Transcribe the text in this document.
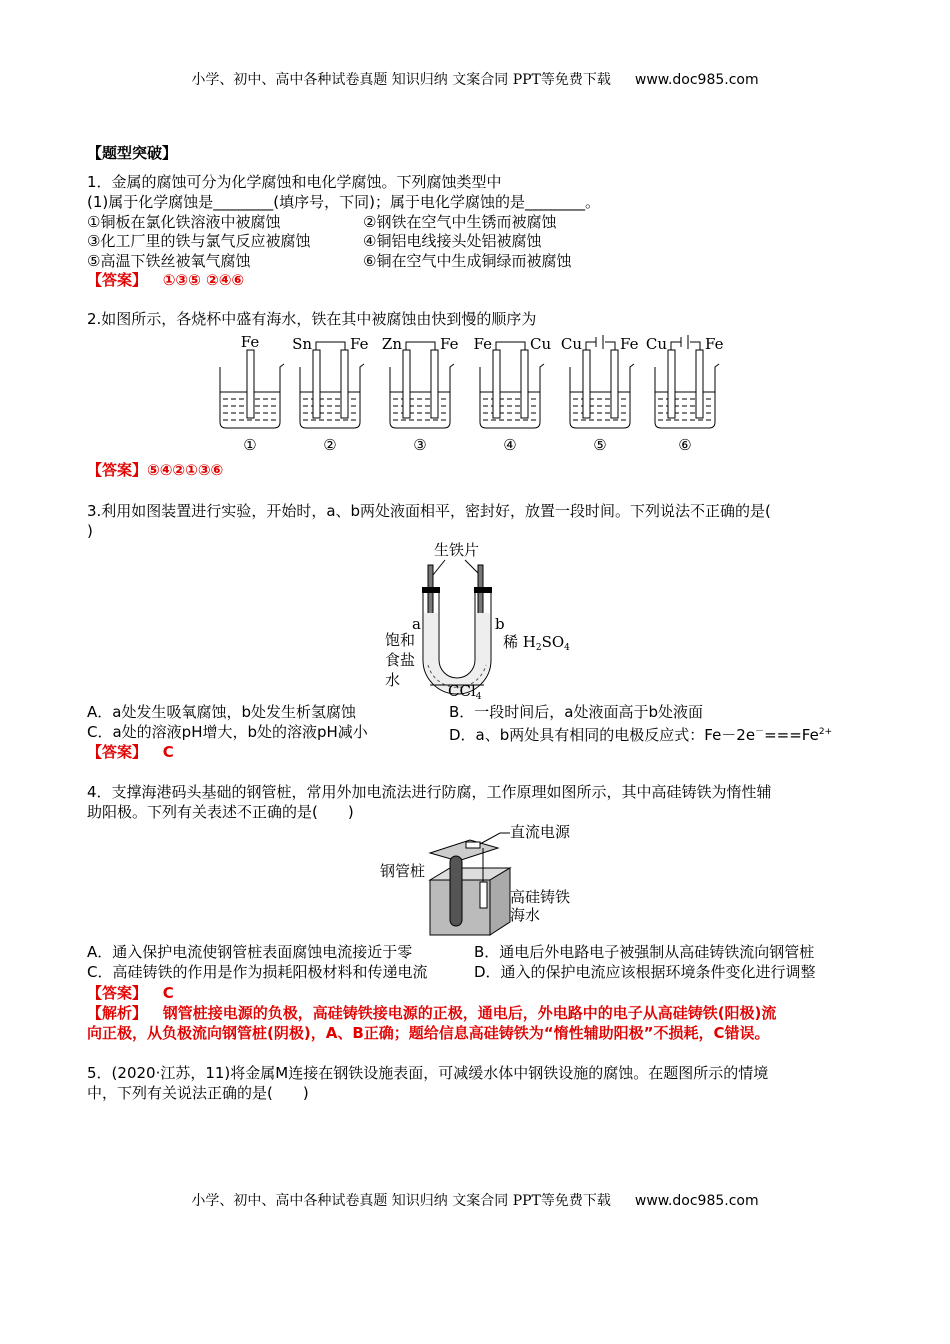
小学、初中、高中各种试卷真题 知识归纳 文案合同 PPT等免费下载 www.doc985.com
【题型突破】
1．金属的腐蚀可分为化学腐蚀和电化学腐蚀。下列腐蚀类型中
(1)属于化学腐蚀是________(填序号，下同)；属于电化学腐蚀的是________。
①铜板在氯化铁溶液中被腐蚀	②钢铁在空气中生锈而被腐蚀
③化工厂里的铁与氯气反应被腐蚀	④铜铝电线接头处铝被腐蚀
⑤高温下铁丝被氧气腐蚀	⑥铜在空气中生成铜绿而被腐蚀
【答案】 ①③⑤ ②④⑥
2.如图所示，各烧杯中盛有海水，铁在其中被腐蚀由快到慢的顺序为
Fe
①
Sn	Fe
②
Zn	Fe
③
Fe	Cu
④
Cu	Fe
⑤
Cu	Fe
⑥
【答案】⑤④②①③⑥
3.利用如图装置进行实验，开始时，a、b两处液面相平，密封好，放置一段时间。下列说法不正确的是(
)
生铁片
a	b
饱和
食盐
水
稀 $H_2SO_4$
CCl$_4$
A．a处发生吸氧腐蚀，b处发生析氢腐蚀	B．一段时间后，a处液面高于b处液面
C．a处的溶液pH增大，b处的溶液pH减小	D．a、b两处具有相同的电极反应式：$Fe-2e^-===Fe^{2+}$
【答案】 C
4．支撑海港码头基础的钢管桩，常用外加电流法进行防腐，工作原理如图所示，其中高硅铸铁为惰性辅
助阳极。下列有关表述不正确的是(　　)
直流电源
钢管桩
高硅铸铁
海水
A．通入保护电流使钢管桩表面腐蚀电流接近于零	B．通电后外电路电子被强制从高硅铸铁流向钢管桩
C．高硅铸铁的作用是作为损耗阳极材料和传递电流	D．通入的保护电流应该根据环境条件变化进行调整
【答案】 C
【解析】 钢管桩接电源的负极，高硅铸铁接电源的正极，通电后，外电路中的电子从高硅铸铁(阳极)流
向正极，从负极流向钢管桩(阴极)，A、B正确；题给信息高硅铸铁为“惰性辅助阳极”不损耗，C错误。
5．(2020·江苏，11)将金属M连接在钢铁设施表面，可减缓水体中钢铁设施的腐蚀。在题图所示的情境
中，下列有关说法正确的是(　　)
小学、初中、高中各种试卷真题 知识归纳 文案合同 PPT等免费下载 www.doc985.com
